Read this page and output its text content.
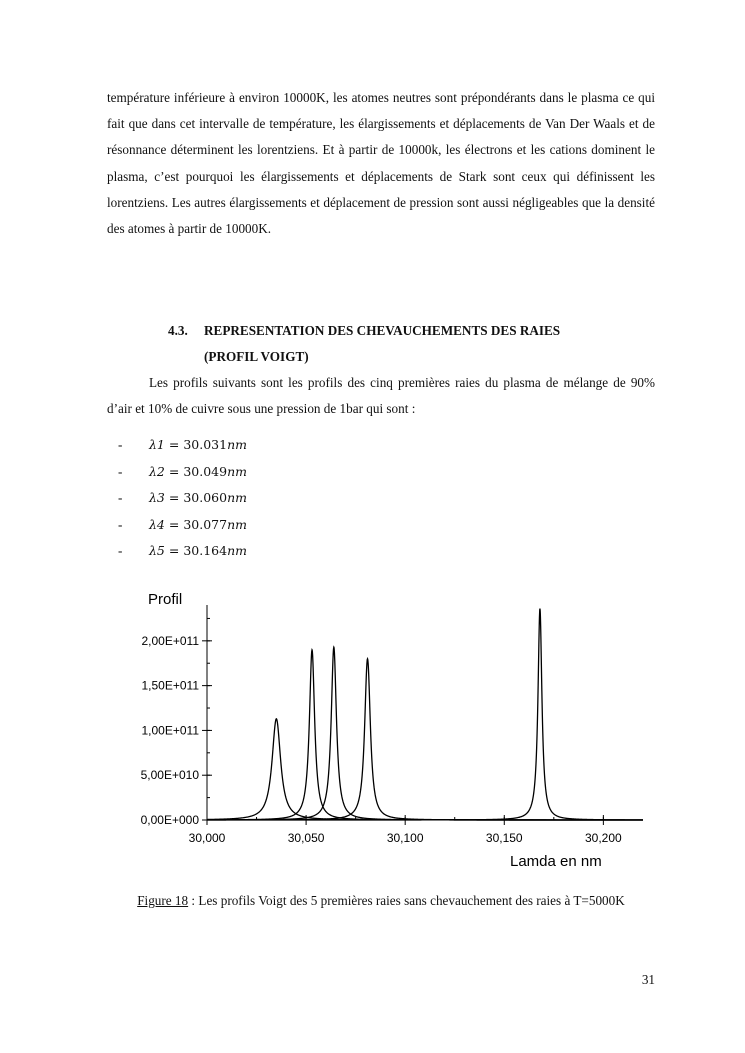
température inférieure à environ 10000K, les atomes neutres sont prépondérants dans le plasma ce qui fait que dans cet intervalle de température, les élargissements et déplacements de Van Der Waals et de résonnance déterminent les lorentziens. Et à partir de 10000k, les électrons et les cations dominent le plasma, c’est pourquoi les élargissements et déplacements de Stark sont ceux qui définissent les lorentziens. Les autres élargissements et déplacement de pression sont aussi négligeables que la densité des atomes à partir de 10000K.

4.3. REPRESENTATION DES CHEVAUCHEMENTS DES RAIES
(PROFIL VOIGT)

Les profils suivants sont les profils des cinq premières raies du plasma de mélange de 90% d’air et 10% de cuivre sous une pression de 1bar qui sont :

- λ1 = 30.031nm
- λ2 = 30.049nm
- λ3 = 30.060nm
- λ4 = 30.077nm
- λ5 = 30.164nm
Profil
Lamda en nm
0,00E+000
5,00E+010
1,00E+011
1,50E+011
2,00E+011
30,000	30,050	30,100	30,150	30,200

Figure 18 : Les profils Voigt des 5 premières raies sans chevauchement des raies à T=5000K

31
